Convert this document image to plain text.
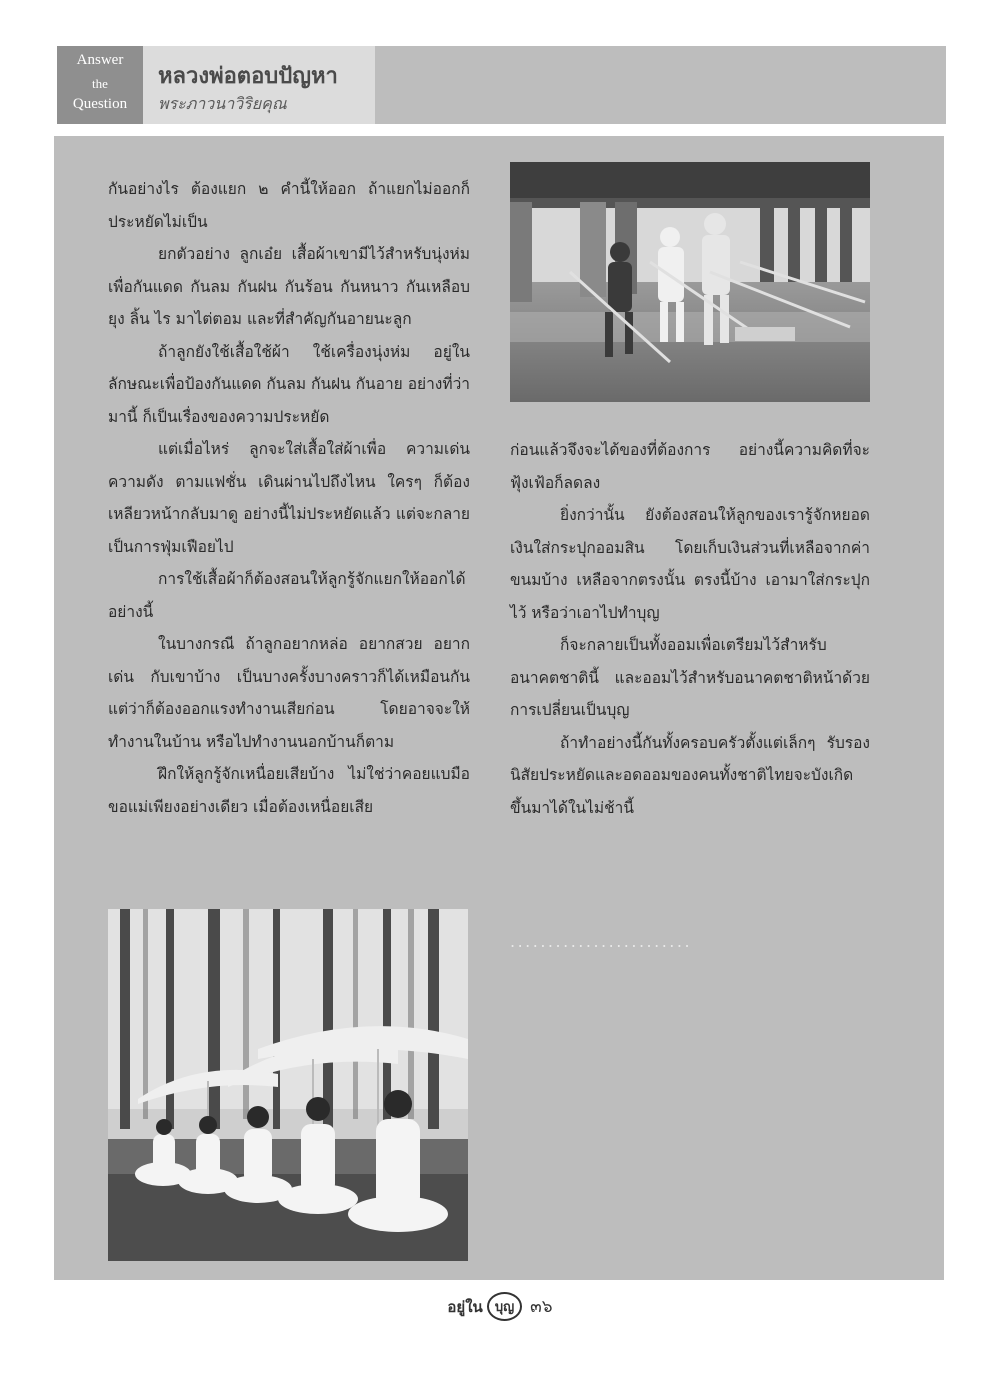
Answer
the
Question
หลวงพ่อตอบปัญหา
พระภาวนาวิริยคุณ

กันอย่างไร ต้องแยก ๒ คำนี้ให้ออก ถ้าแยกไม่ออกก็ประหยัดไม่เป็น

ยกตัวอย่าง ลูกเอ๋ย เสื้อผ้าเขามีไว้สำหรับนุ่งห่ม เพื่อกันแดด กันลม กันฝน กันร้อน กันหนาว กันเหลือบ ยุง ลิ้น ไร มาไต่ตอม และที่สำคัญกันอายนะลูก

ถ้าลูกยังใช้เสื้อใช้ผ้า ใช้เครื่องนุ่งห่ม อยู่ในลักษณะเพื่อป้องกันแดด กันลม กันฝน กันอาย อย่างที่ว่ามานี้ ก็เป็นเรื่องของความประหยัด

แต่เมื่อไหร่ ลูกจะใส่เสื้อใส่ผ้าเพื่อ ความเด่น ความดัง ตามแฟชั่น เดินผ่านไปถึงไหน ใครๆ ก็ต้องเหลียวหน้ากลับมาดู อย่างนี้ไม่ประหยัดแล้ว แต่จะกลายเป็นการฟุ่มเฟือยไป

การใช้เสื้อผ้าก็ต้องสอนให้ลูกรู้จักแยกให้ออกได้อย่างนี้

ในบางกรณี ถ้าลูกอยากหล่อ อยากสวย อยากเด่น กับเขาบ้าง เป็นบางครั้งบางคราวก็ได้เหมือนกัน แต่ว่าก็ต้องออกแรงทำงานเสียก่อน โดยอาจจะให้ทำงานในบ้าน หรือไปทำงานนอกบ้านก็ตาม

ฝึกให้ลูกรู้จักเหนื่อยเสียบ้าง ไม่ใช่ว่าคอยแบมือขอแม่เพียงอย่างเดียว เมื่อต้องเหนื่อยเสีย

ก่อนแล้วจึงจะได้ของที่ต้องการ อย่างนี้ความคิดที่จะฟุ้งเฟ้อก็ลดลง

ยิ่งกว่านั้น ยังต้องสอนให้ลูกของเรารู้จักหยอดเงินใส่กระปุกออมสิน โดยเก็บเงินส่วนที่เหลือจากค่าขนมบ้าง เหลือจากตรงนั้น ตรงนี้บ้าง เอามาใส่กระปุกไว้ หรือว่าเอาไปทำบุญ

ก็จะกลายเป็นทั้งออมเพื่อเตรียมไว้สำหรับอนาคตชาตินี้ และออมไว้สำหรับอนาคตชาติหน้าด้วยการเปลี่ยนเป็นบุญ

ถ้าทำอย่างนี้กันทั้งครอบครัวตั้งแต่เล็กๆ รับรองนิสัยประหยัดและอดออมของคนทั้งชาติไทยจะบังเกิดขึ้นมาได้ในไม่ช้านี้

........................
อยู่ใน บุญ ๓๖
